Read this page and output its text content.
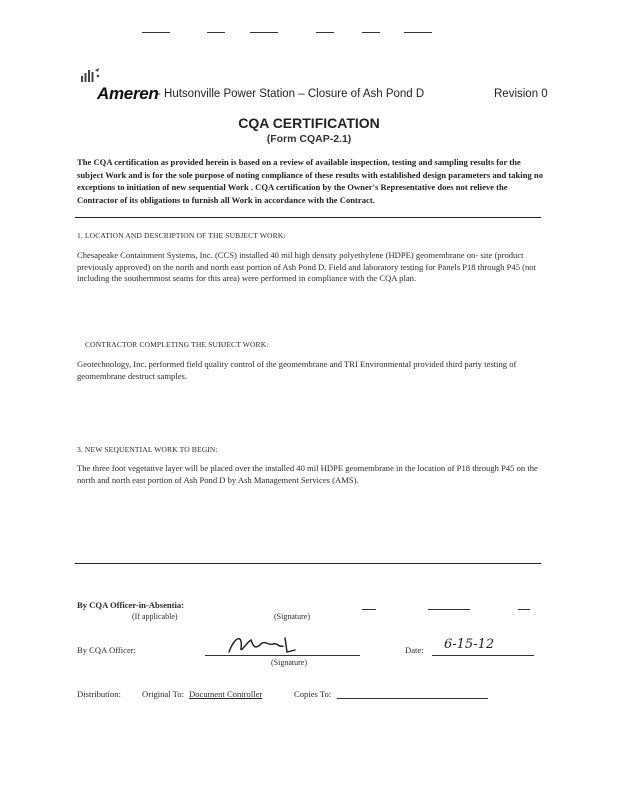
Ameren
- Hutsonville Power Station – Closure of Ash Pond D	Revision 0
CQA CERTIFICATION
(Form CQAP-2.1)
The CQA certification as provided herein is based on a review of available inspection, testing and sampling results for the subject Work and is for the sole purpose of noting compliance of these results with established design parameters and taking no exceptions to initiation of new sequential Work . CQA certification by the Owner's Representative does not relieve the Contractor of its obligations to furnish all Work in accordance with the Contract.
1. LOCATION AND DESCRIPTION OF THE SUBJECT WORK:
Chesapeake Containment Systems, Inc. (CCS) installed 40 mil high density polyethylene (HDPE) geomembrane on- site (product previously approved) on the north and north east portion of Ash Pond D. Field and laboratory testing for Panels P18 through P45 (not including the southernmost seams for this area) were performed in compliance with the CQA plan.
CONTRACTOR COMPLETING THE SUBJECT WORK:
Geotechnology, Inc. performed field quality control of the geomembrane and TRI Environmental provided third party testing of geomembrane destruct samples.
3. NEW SEQUENTIAL WORK TO BEGIN:
The three foot vegetative layer will be placed over the installed 40 mil HDPE geomembrane in the location of P18 through P45 on the north and north east portion of Ash Pond D by Ash Management Services (AMS).
By CQA Officer-in-Absentia:
(If applicable)	(Signature)
By CQA Officer:
(Signature)
Date: 6-15-12
Distribution: Original To: Document Controller	Copies To:
